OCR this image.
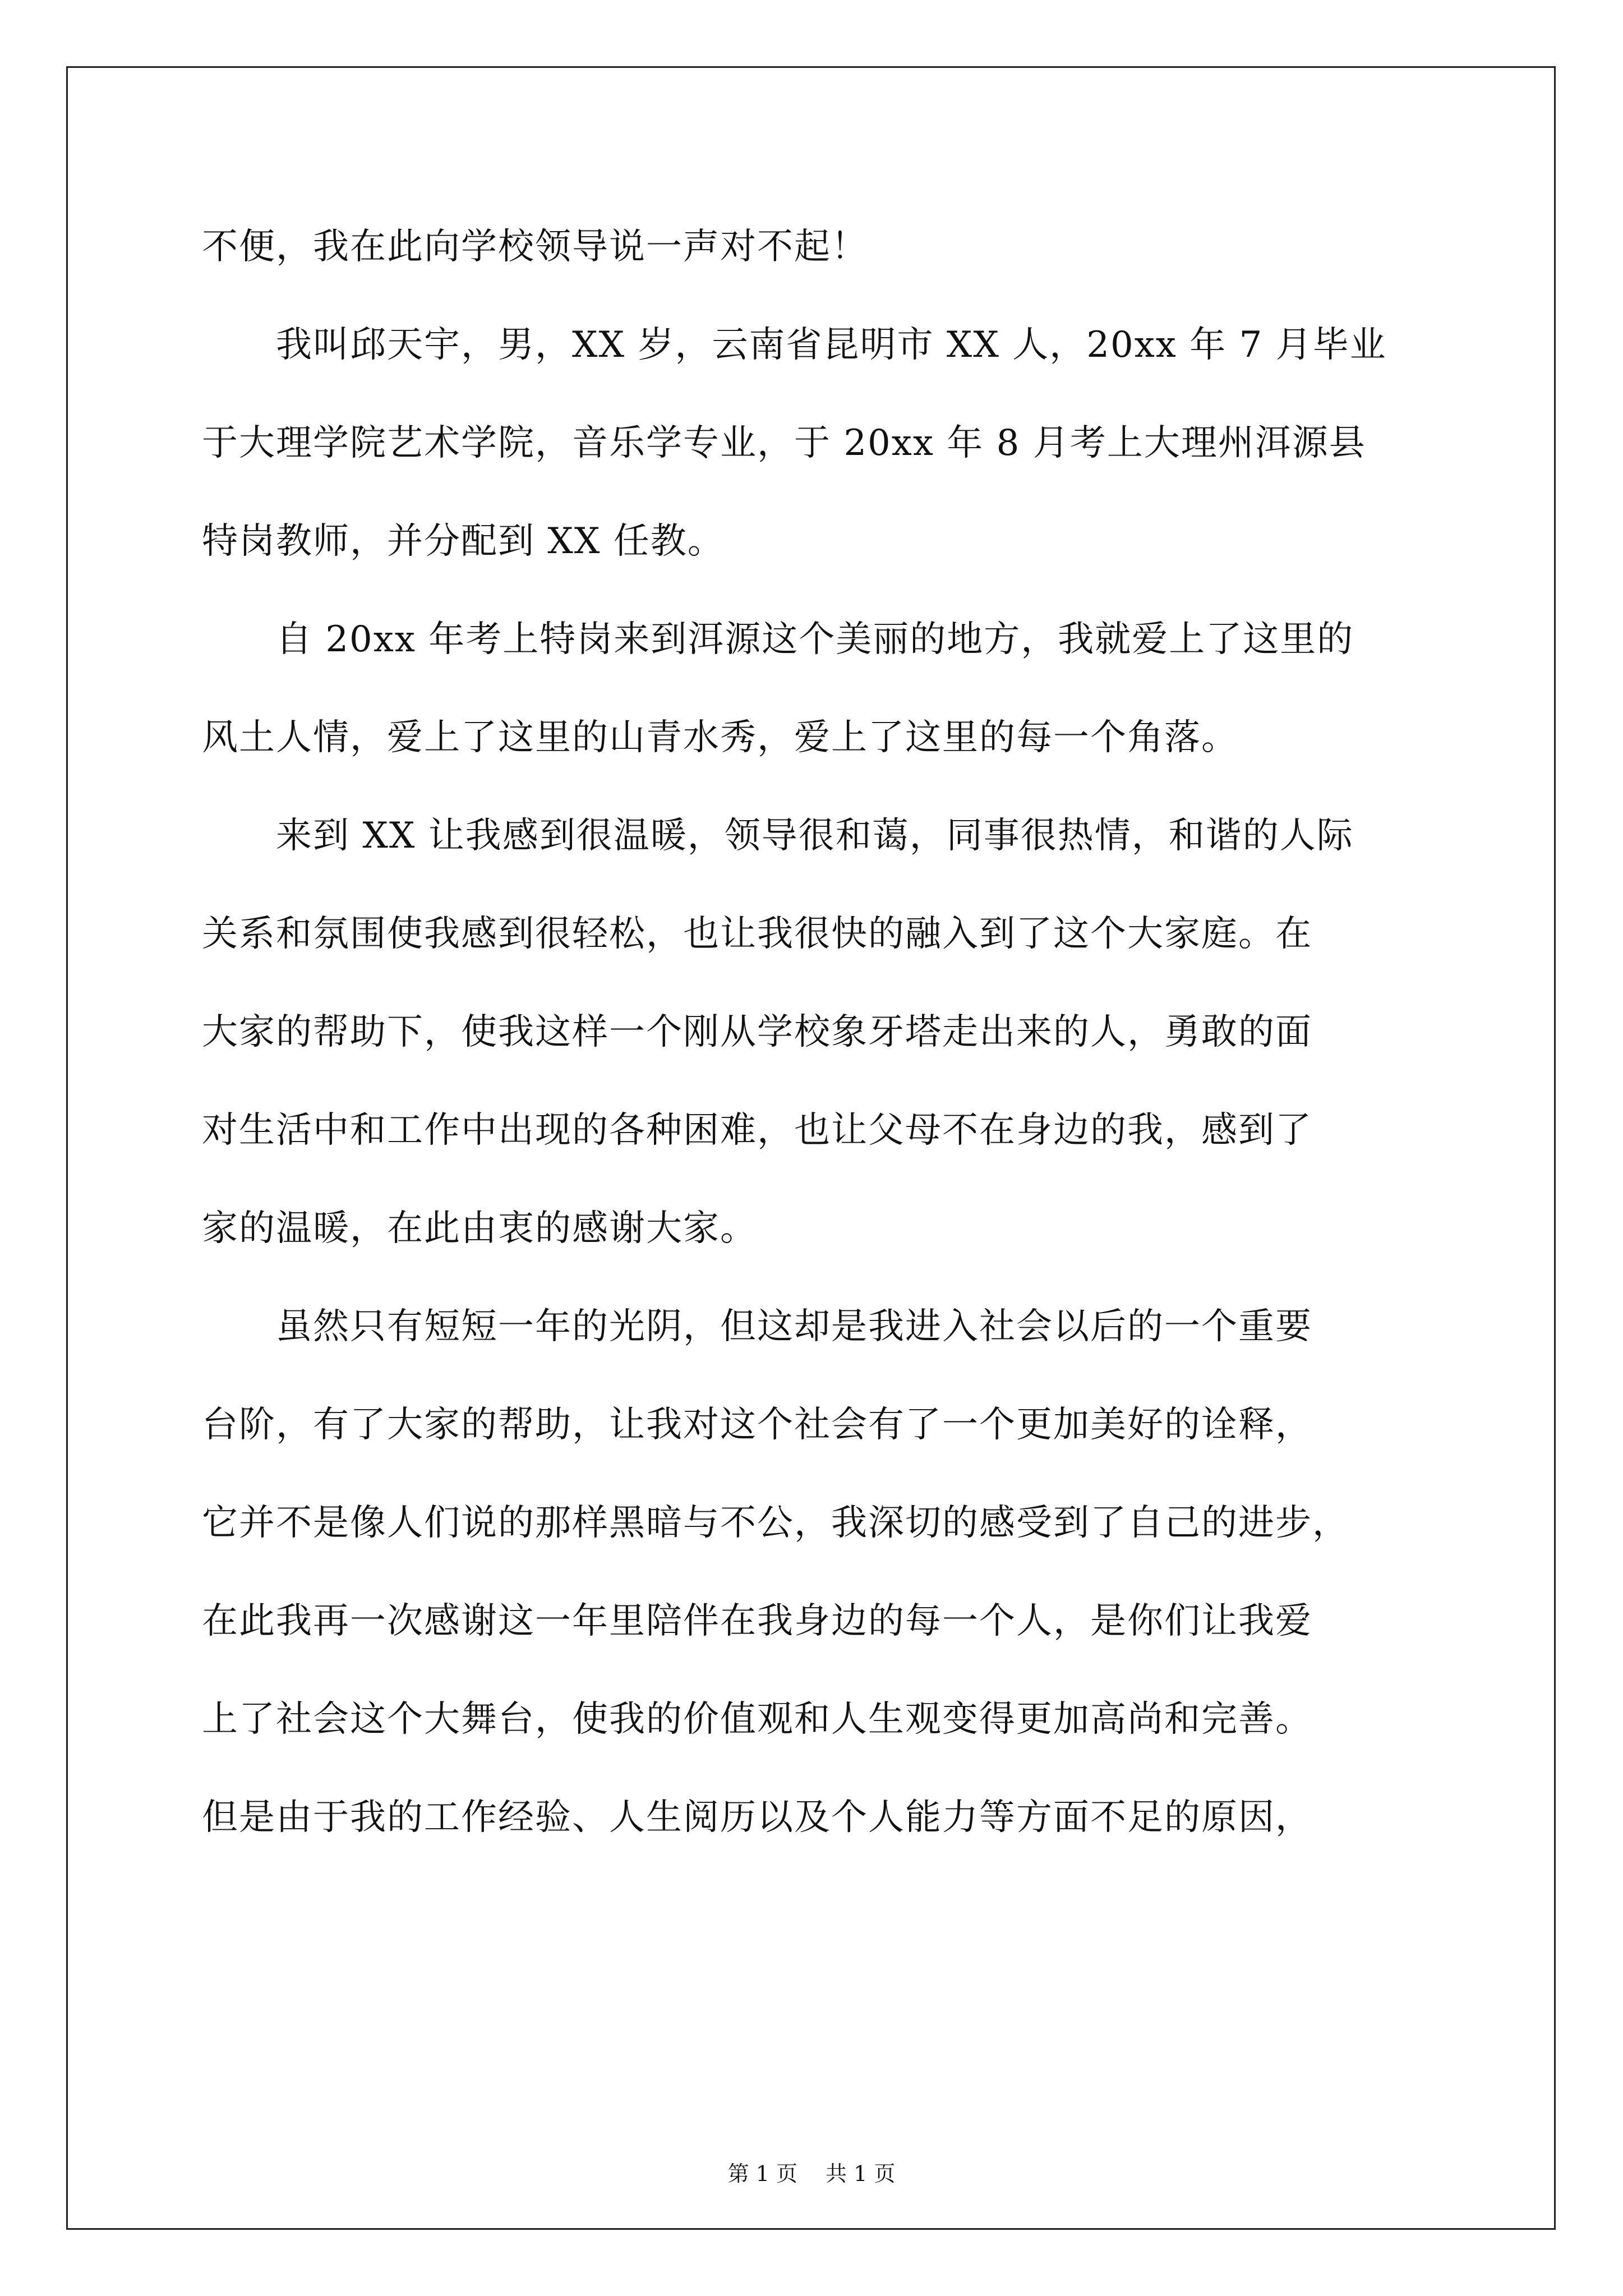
不便，我在此向学校领导说一声对不起！
　　我叫邱天宇，男，XX 岁，云南省昆明市 XX 人，20xx 年 7 月毕业
于大理学院艺术学院，音乐学专业，于 20xx 年 8 月考上大理州洱源县
特岗教师，并分配到 XX 任教。
　　自 20xx 年考上特岗来到洱源这个美丽的地方，我就爱上了这里的
风土人情，爱上了这里的山青水秀，爱上了这里的每一个角落。
　　来到 XX 让我感到很温暖，领导很和蔼，同事很热情，和谐的人际
关系和氛围使我感到很轻松，也让我很快的融入到了这个大家庭。在
大家的帮助下，使我这样一个刚从学校象牙塔走出来的人，勇敢的面
对生活中和工作中出现的各种困难，也让父母不在身边的我，感到了
家的温暖，在此由衷的感谢大家。
　　虽然只有短短一年的光阴，但这却是我进入社会以后的一个重要
台阶，有了大家的帮助，让我对这个社会有了一个更加美好的诠释，
它并不是像人们说的那样黑暗与不公，我深切的感受到了自己的进步，
在此我再一次感谢这一年里陪伴在我身边的每一个人，是你们让我爱
上了社会这个大舞台，使我的价值观和人生观变得更加高尚和完善。
但是由于我的工作经验、人生阅历以及个人能力等方面不足的原因，
第 1 页 共 1 页
